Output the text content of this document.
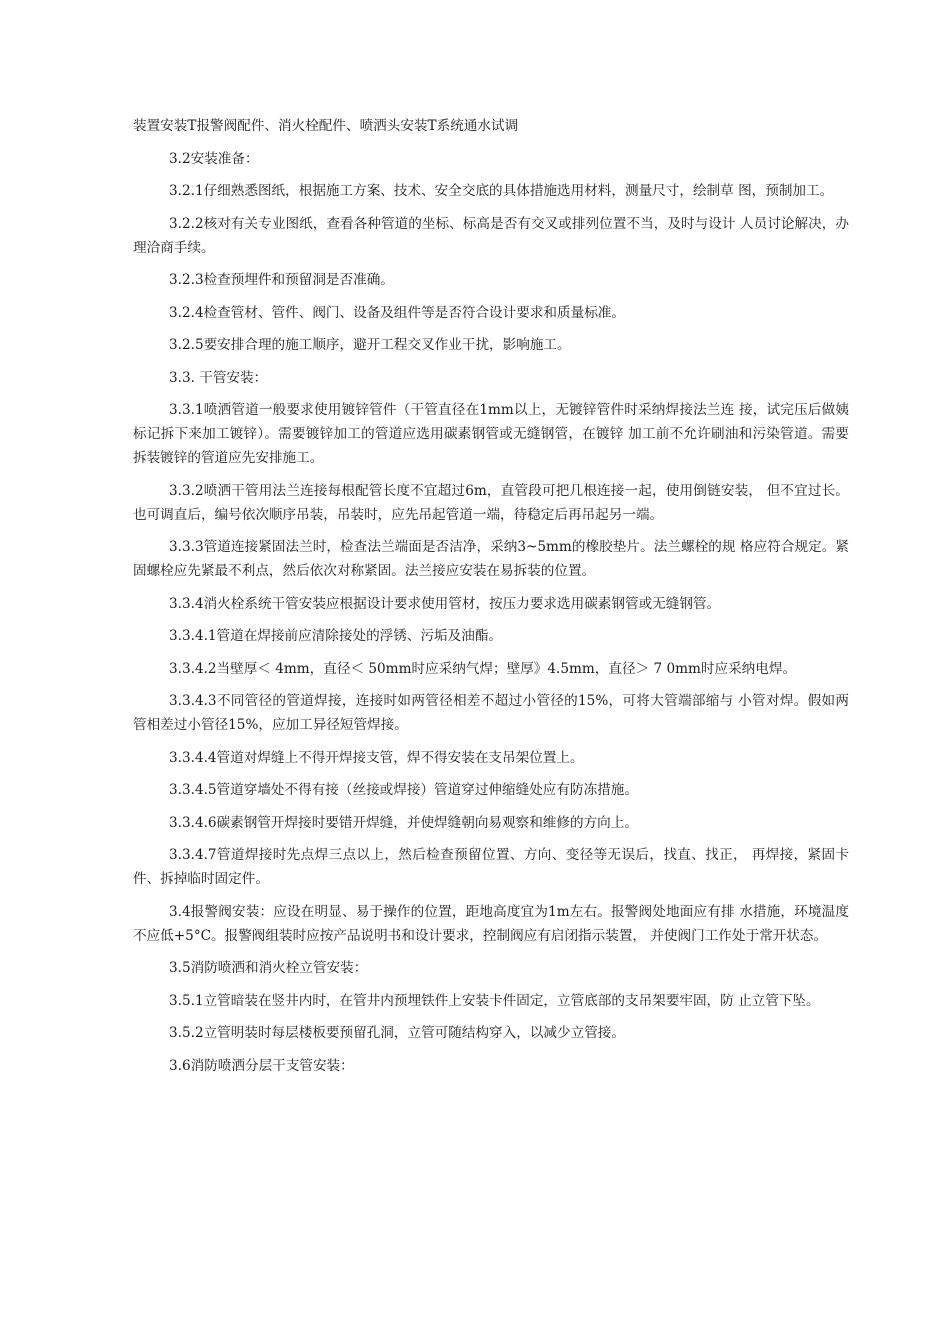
装置安装T报警阀配件、消火栓配件、喷洒头安装T系统通水试调

3.2安装准备：

3.2.1仔细熟悉图纸，根据施工方案、技术、安全交底的具体措施选用材料，测量尺寸，绘制草 图，预制加工。

3.2.2核对有关专业图纸，查看各种管道的坐标、标高是否有交叉或排列位置不当，及时与设计 人员讨论解决，办理洽商手续。

3.2.3检查预埋件和预留洞是否准确。

3.2.4检查管材、管件、阀门、设备及组件等是否符合设计要求和质量标准。

3.2.5要安排合理的施工顺序，避开工程交叉作业干扰，影响施工。

3.3. 干管安装：

3.3.1喷洒管道一般要求使用镀锌管件（干管直径在1mm以上，无镀锌管件时采纳焊接法兰连 接，试完压后做姨标记拆下来加工镀锌）。需要镀锌加工的管道应选用碳素钢管或无缝钢管，在镀锌 加工前不允许刷油和污染管道。需要拆装镀锌的管道应先安排施工。

3.3.2喷洒干管用法兰连接每根配管长度不宜超过6m，直管段可把几根连接一起，使用倒链安装， 但不宜过长。也可调直后，编号依次顺序吊装，吊装时，应先吊起管道一端，待稳定后再吊起另一端。

3.3.3管道连接紧固法兰时，检查法兰端面是否洁净，采纳3~5mm的橡胶垫片。法兰螺栓的规 格应符合规定。紧固螺栓应先紧最不利点，然后依次对称紧固。法兰接应安装在易拆装的位置。

3.3.4消火栓系统干管安装应根据设计要求使用管材，按压力要求选用碳素钢管或无缝钢管。

3.3.4.1管道在焊接前应清除接处的浮锈、污垢及油酯。

3.3.4.2当壁厚＜ 4mm，直径＜ 50mm时应采纳气焊；壁厚》4.5mm，直径＞ 7 0mm时应采纳电焊。

3.3.4.3不同管径的管道焊接，连接时如两管径相差不超过小管径的15%，可将大管端部缩与 小管对焊。假如两管相差过小管径15%，应加工异径短管焊接。

3.3.4.4管道对焊缝上不得开焊接支管，焊不得安装在支吊架位置上。

3.3.4.5管道穿墙处不得有接（丝接或焊接）管道穿过伸缩缝处应有防冻措施。

3.3.4.6碳素钢管开焊接时要错开焊缝，并使焊缝朝向易观察和维修的方向上。

3.3.4.7管道焊接时先点焊三点以上，然后检查预留位置、方向、变径等无误后，找直、找正， 再焊接，紧固卡件、拆掉临时固定件。

3.4报警阀安装：应设在明显、易于操作的位置，距地高度宜为1m左右。报警阀处地面应有排 水措施，环境温度不应低+5°C。报警阀组装时应按产品说明书和设计要求，控制阀应有启闭指示装置， 并使阀门工作处于常开状态。

3.5消防喷洒和消火栓立管安装：

3.5.1立管暗装在竖井内时，在管井内预埋铁件上安装卡件固定，立管底部的支吊架要牢固，防 止立管下坠。

3.5.2立管明装时每层楼板要预留孔洞，立管可随结构穿入，以减少立管接。

3.6消防喷洒分层干支管安装：
